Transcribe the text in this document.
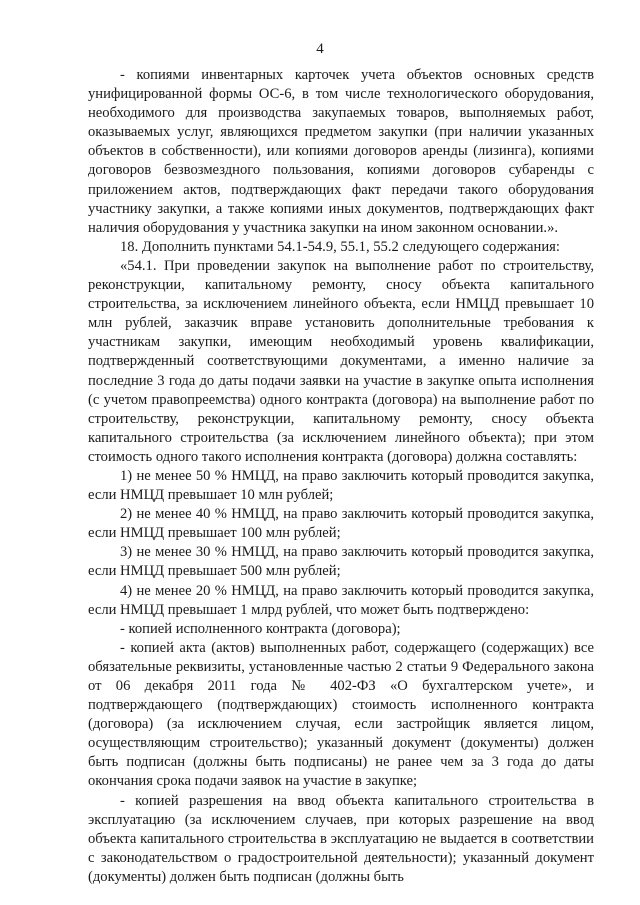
4

- копиями инвентарных карточек учета объектов основных средств унифицированной формы ОС-6, в том числе технологического оборудования, необходимого для производства закупаемых товаров, выполняемых работ, оказываемых услуг, являющихся предметом закупки (при наличии указанных объектов в собственности), или копиями договоров аренды (лизинга), копиями договоров безвозмездного пользования, копиями договоров субаренды с приложением актов, подтверждающих факт передачи такого оборудования участнику закупки, а также копиями иных документов, подтверждающих факт наличия оборудования у участника закупки на ином законном основании.».

18. Дополнить пунктами 54.1-54.9, 55.1, 55.2 следующего содержания:

«54.1. При проведении закупок на выполнение работ по строительству, реконструкции, капитальному ремонту, сносу объекта капитального строительства, за исключением линейного объекта, если НМЦД превышает 10 млн рублей, заказчик вправе установить дополнительные требования к участникам закупки, имеющим необходимый уровень квалификации, подтвержденный соответствующими документами, а именно наличие за последние 3 года до даты подачи заявки на участие в закупке опыта исполнения (с учетом правопреемства) одного контракта (договора) на выполнение работ по строительству, реконструкции, капитальному ремонту, сносу объекта капитального строительства (за исключением линейного объекта); при этом стоимость одного такого исполнения контракта (договора) должна составлять:

1) не менее 50 % НМЦД, на право заключить который проводится закупка, если НМЦД превышает 10 млн рублей;

2) не менее 40 % НМЦД, на право заключить который проводится закупка, если НМЦД превышает 100 млн рублей;

3) не менее 30 % НМЦД, на право заключить который проводится закупка, если НМЦД превышает 500 млн рублей;

4) не менее 20 % НМЦД, на право заключить который проводится закупка, если НМЦД превышает 1 млрд рублей, что может быть подтверждено:

- копией исполненного контракта (договора);

- копией акта (актов) выполненных работ, содержащего (содержащих) все обязательные реквизиты, установленные частью 2 статьи 9 Федерального закона от 06 декабря 2011 года № 402-ФЗ «О бухгалтерском учете», и подтверждающего (подтверждающих) стоимость исполненного контракта (договора) (за исключением случая, если застройщик является лицом, осуществляющим строительство); указанный документ (документы) должен быть подписан (должны быть подписаны) не ранее чем за 3 года до даты окончания срока подачи заявок на участие в закупке;

- копией разрешения на ввод объекта капитального строительства в эксплуатацию (за исключением случаев, при которых разрешение на ввод объекта капитального строительства в эксплуатацию не выдается в соответствии с законодательством о градостроительной деятельности); указанный документ (документы) должен быть подписан (должны быть
